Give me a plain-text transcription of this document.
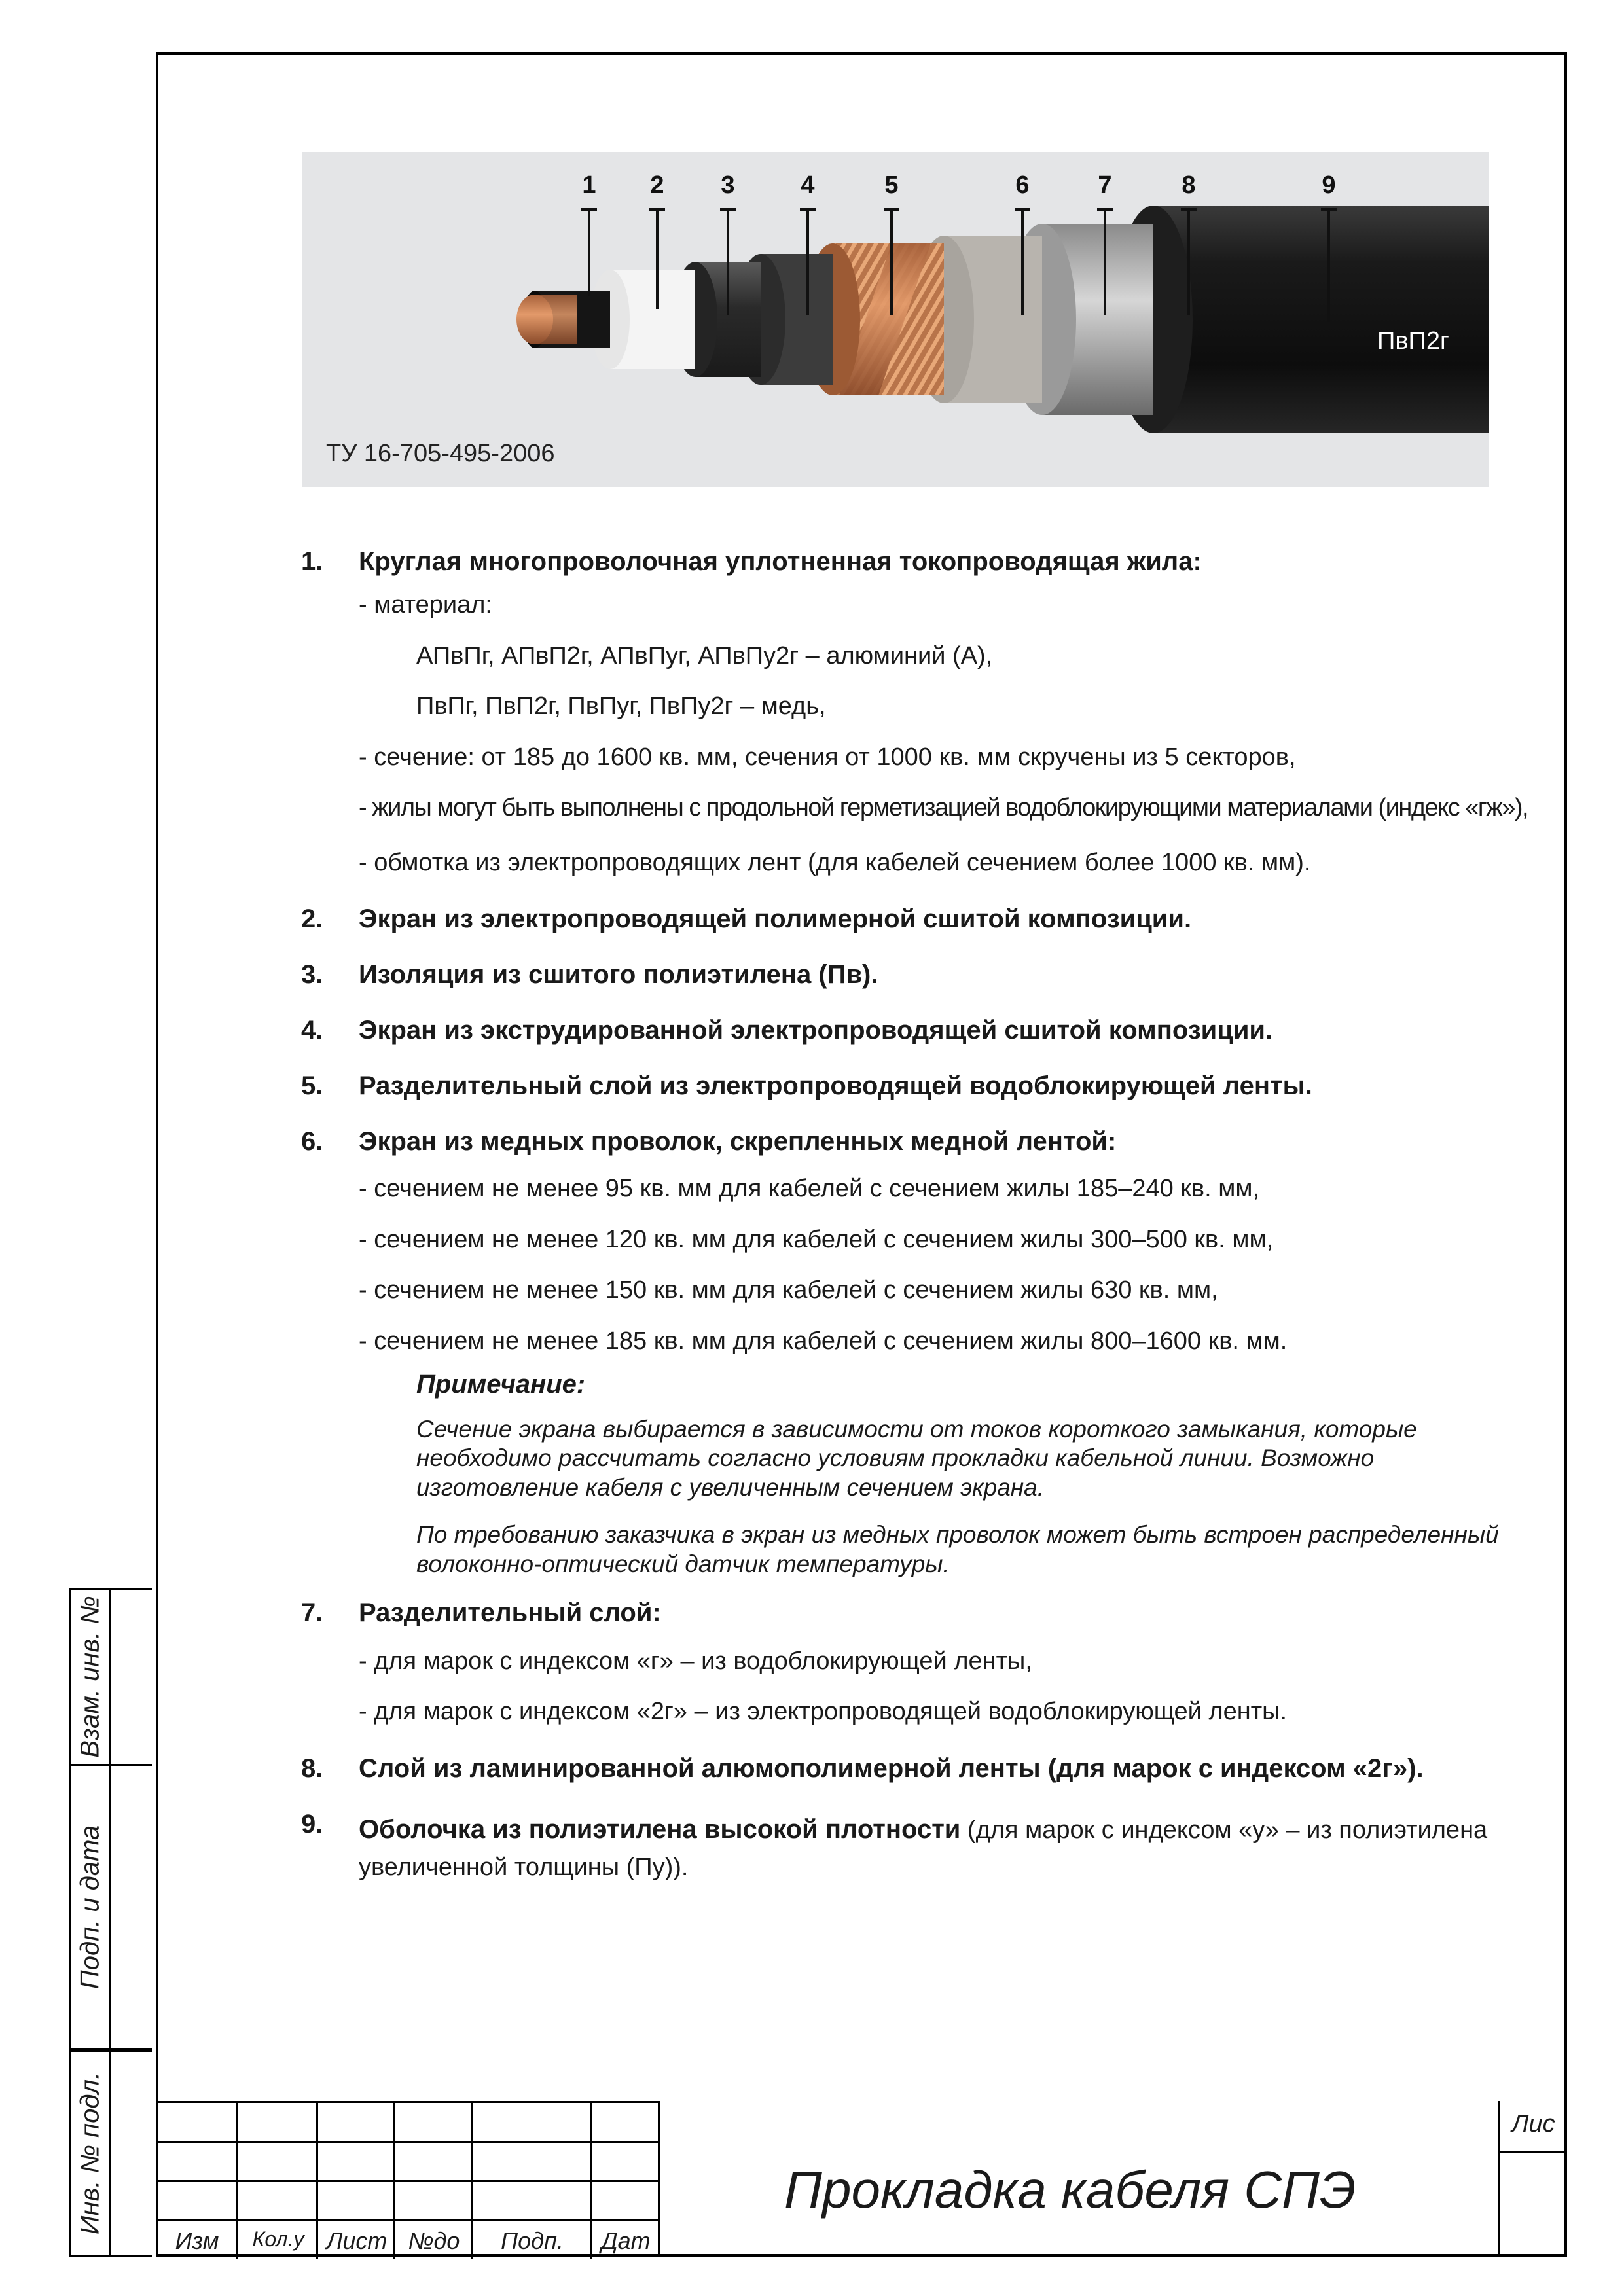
Взам. инв. №
Подп. и дата
Инв. № подл.
1 2 3	4	5	6	7	8	9
ТУ 16-705-495-2006
ПвП2г
1.	Круглая многопроволочная уплотненная токопроводящая жила:
- материал:
АПвПг, АПвП2г, АПвПуг, АПвПу2г – алюминий (А),
ПвПг, ПвП2г, ПвПуг, ПвПу2г – медь,
- сечение: от 185 до 1600 кв. мм, сечения от 1000 кв. мм скручены из 5 секторов,
- жилы могут быть выполнены с продольной герметизацией водоблокирующими материалами (индекс «гж»),
- обмотка из электропроводящих лент (для кабелей сечением более 1000 кв. мм).
2.	Экран из электропроводящей полимерной сшитой композиции.
3.	Изоляция из сшитого полиэтилена (Пв).
4.	Экран из экструдированной электропроводящей сшитой композиции.
5.	Разделительный слой из электропроводящей водоблокирующей ленты.
6.	Экран из медных проволок, скрепленных медной лентой:
- сечением не менее 95 кв. мм для кабелей с сечением жилы 185–240 кв. мм,
- сечением не менее 120 кв. мм для кабелей с сечением жилы 300–500 кв. мм,
- сечением не менее 150 кв. мм для кабелей с сечением жилы 630 кв. мм,
- сечением не менее 185 кв. мм для кабелей с сечением жилы 800–1600 кв. мм.
Примечание:

Сечение экрана выбирается в зависимости от токов короткого замыкания, которые необходимо рассчитать согласно условиям прокладки кабельной линии. Возможно изготовление кабеля с увеличенным сечением экрана.

По требованию заказчика в экран из медных проволок может быть встроен распределенный волоконно-оптический датчик температуры.

7.	Разделительный слой:
- для марок с индексом «г» – из водоблокирующей ленты,
- для марок с индексом «2г» – из электропроводящей водоблокирующей ленты.
8.	Слой из ламинированной алюмополимерной ленты (для марок с индексом «2г»).
9.	Оболочка из полиэтилена высокой плотности (для марок с индексом «у» – из полиэтилена увеличенной толщины (Пу)).
Изм	Кол.у Лист №до	Подп.	Дат
Прокладка кабеля СПЭ
Лис
